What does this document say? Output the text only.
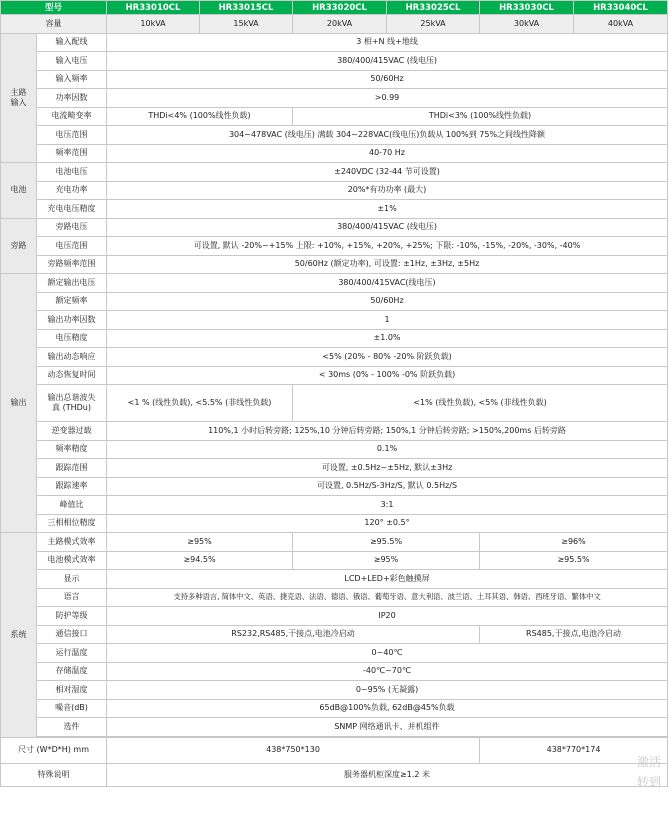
型号		HR33010CL	HR33015CL	HR33020CL	HR33025CL	HR33030CL	HR33040CL
容量		10kVA	15kVA	20kVA	25kVA	30kVA	40kVA
主路
输入	输入配线	3 相+N 线+地线					
	输入电压	380/400/415VAC (线电压)					
	输入频率	50/60Hz					
	功率因数	>0.99					
	电流畸变率	THDi<4% (100%线性负载)		THDi<3% (100%线性负载)			
	电压范围	304~478VAC (线电压) 满载 304~228VAC(线电压)负载从 100%到 75%之间线性降额					
	频率范围	40-70 Hz					
电池	电池电压	±240VDC (32-44 节可设置)					
	充电功率	20%*有功功率 (最大)					
	充电电压精度	±1%					
旁路	旁路电压	380/400/415VAC (线电压)					
	电压范围	可设置, 默认 -20%~+15% 上限: +10%, +15%, +20%, +25%; 下限: -10%, -15%, -20%, -30%, -40%					
	旁路频率范围	50/60Hz (额定功率), 可设置: ±1Hz, ±3Hz, ±5Hz					
输出	额定输出电压	380/400/415VAC(线电压)					
	额定频率	50/60Hz					
	输出功率因数	1					
	电压精度	±1.0%					
	输出动态响应	<5% (20% - 80% -20% 阶跃负载)					
	动态恢复时间	< 30ms (0% - 100% -0% 阶跃负载)					
	输出总谐波失
真 (THDu)	<1 % (线性负载), <5.5% (非线性负载)		<1% (线性负载), <5% (非线性负载)			
	逆变器过载	110%,1 小时后转旁路; 125%,10 分钟后转旁路; 150%,1 分钟后转旁路; >150%,200ms 后转旁路					
	频率精度	0.1%					
	跟踪范围	可设置, ±0.5Hz~±5Hz, 默认±3Hz					
	跟踪速率	可设置, 0.5Hz/S-3Hz/S, 默认 0.5Hz/S					
	峰值比	3:1					
	三相相位精度	120° ±0.5°					
系统	主路模式效率	≥95%		≥95.5%		≥96%	
	电池模式效率	≥94.5%		≥95%		≥95.5%	
	显示	LCD+LED+彩色触摸屏					
	语言	支持多种语言, 简体中文、英语、捷克语、法语、德语、俄语、葡萄牙语、意大利语、波兰语、土耳其语、韩语、西班牙语、繁体中文					
	防护等级	IP20					
	通信接口	RS232,RS485,干接点,电池冷启动				RS485,干接点,电池冷启动	
	运行温度	0~40℃					
	存储温度	-40℃~70℃					
	相对湿度	0~95% (无凝露)					
	噪音(dB)	65dB@100%负载, 62dB@45%负载					
	选件	SNMP 网络通讯卡、并机组件					

尺寸 (W*D*H) mm		438*750*130				438*770*174	
特殊说明		服务器机柜深度≥1.2 米					
激活
转到
